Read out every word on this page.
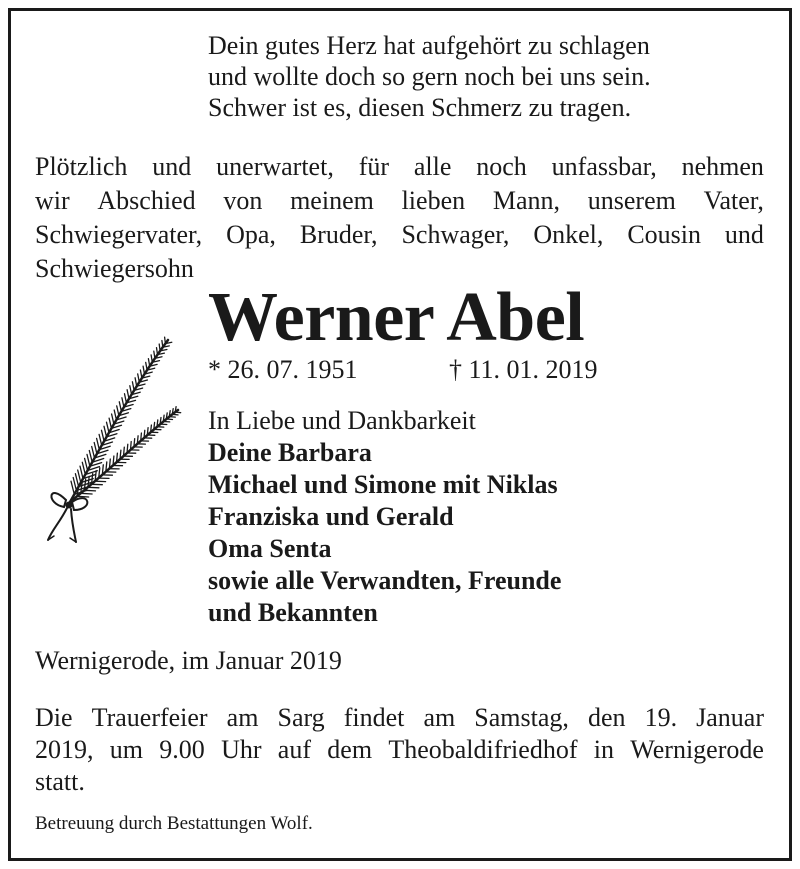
Dein gutes Herz hat aufgehört zu schlagen
und wollte doch so gern noch bei uns sein.
Schwer ist es, diesen Schmerz zu tragen.
Plötzlich und unerwartet, für alle noch unfassbar, nehmen
wir Abschied von meinem lieben Mann, unserem Vater,
Schwiegervater, Opa, Bruder, Schwager, Onkel, Cousin und
Schwiegersohn
Werner Abel
* 26. 07. 1951	† 11. 01. 2019
In Liebe und Dankbarkeit
Deine Barbara
Michael und Simone mit Niklas
Franziska und Gerald
Oma Senta
sowie alle Verwandten, Freunde
und Bekannten
Wernigerode, im Januar 2019
Die Trauerfeier am Sarg findet am Samstag, den 19. Januar
2019, um 9.00 Uhr auf dem Theobaldifriedhof in Wernigerode
statt.
Betreuung durch Bestattungen Wolf.
